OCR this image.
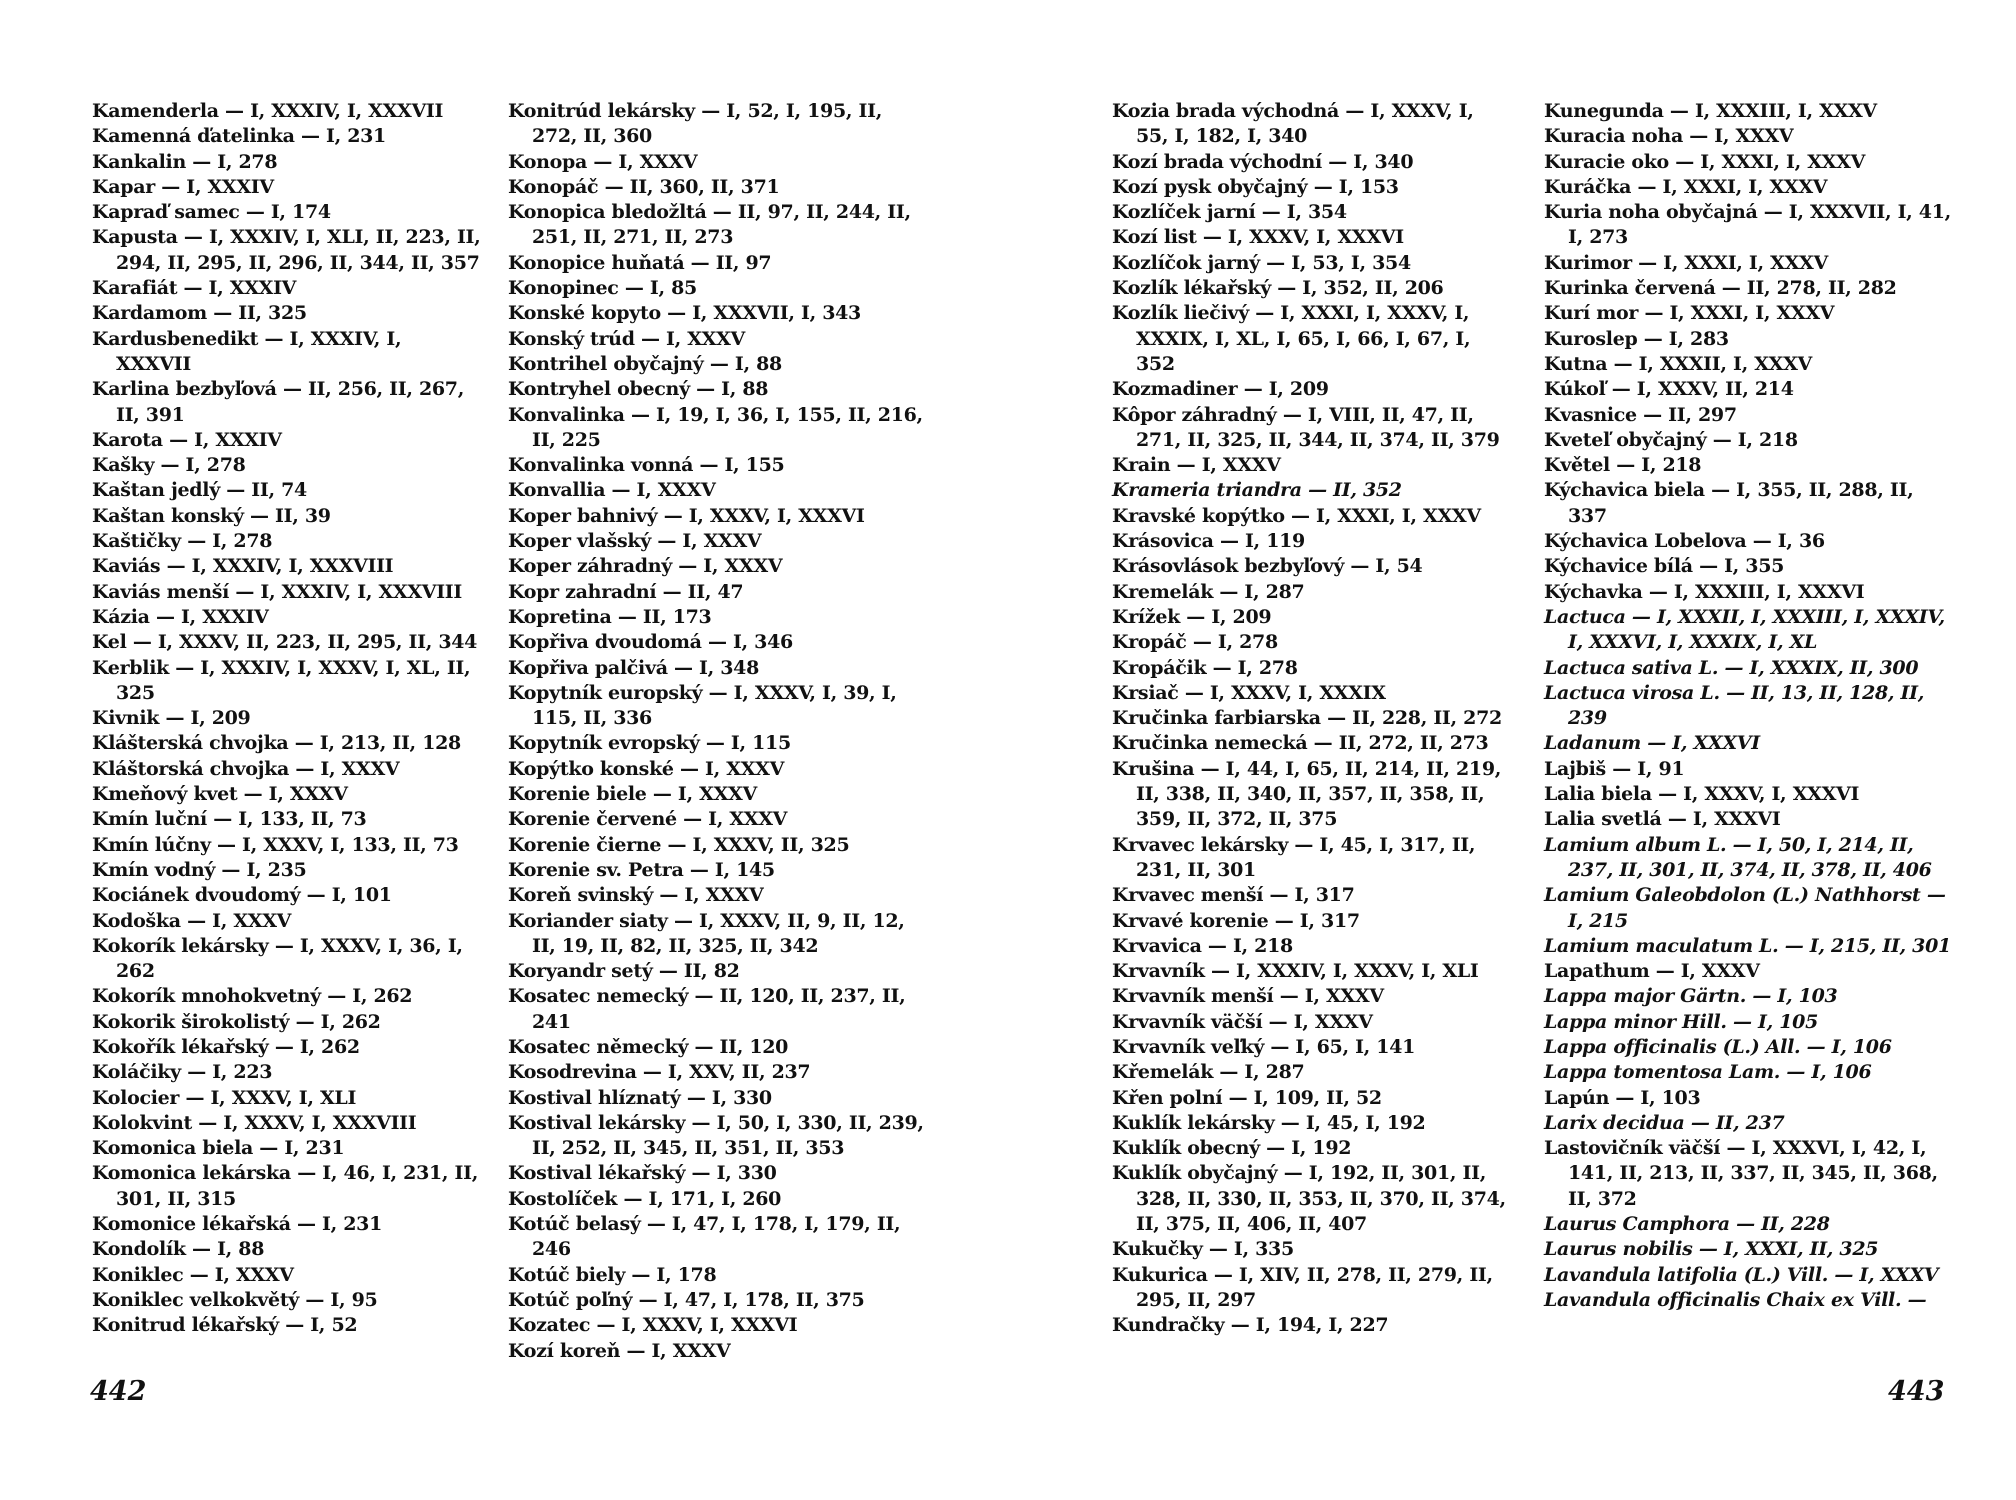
Kamenderla — I, XXXIV, I, XXXVII
Kamenná ďatelinka — I, 231
Kankalin — I, 278
Kapar — I, XXXIV
Kapraď samec — I, 174
Kapusta — I, XXXIV, I, XLI, II, 223, II, 294, II, 295, II, 296, II, 344, II, 357
Karafiát — I, XXXIV
Kardamom — II, 325
Kardusbenedikt — I, XXXIV, I, XXXVII
Karlina bezbyľová — II, 256, II, 267, II, 391
Karota — I, XXXIV
Kašky — I, 278
Kaštan jedlý — II, 74
Kaštan konský — II, 39
Kaštičky — I, 278
Kaviás — I, XXXIV, I, XXXVIII
Kaviás menší — I, XXXIV, I, XXXVIII
Kázia — I, XXXIV
Kel — I, XXXV, II, 223, II, 295, II, 344
Kerblik — I, XXXIV, I, XXXV, I, XL, II, 325
Kivnik — I, 209
Klášterská chvojka — I, 213, II, 128
Kláštorská chvojka — I, XXXV
Kmeňový kvet — I, XXXV
Kmín luční — I, 133, II, 73
Kmín lúčny — I, XXXV, I, 133, II, 73
Kmín vodný — I, 235
Kociánek dvoudomý — I, 101
Kodoška — I, XXXV
Kokorík lekársky — I, XXXV, I, 36, I, 262
Kokorík mnohokvetný — I, 262
Kokorik širokolistý — I, 262
Kokořík lékařský — I, 262
Koláčiky — I, 223
Kolocier — I, XXXV, I, XLI
Kolokvint — I, XXXV, I, XXXVIII
Komonica biela — I, 231
Komonica lekárska — I, 46, I, 231, II, 301, II, 315
Komonice lékařská — I, 231
Kondolík — I, 88
Koniklec — I, XXXV
Koniklec velkokvětý — I, 95
Konitrud lékařský — I, 52
Konitrúd lekársky — I, 52, I, 195, II, 272, II, 360
Konopa — I, XXXV
Konopáč — II, 360, II, 371
Konopica bledožltá — II, 97, II, 244, II, 251, II, 271, II, 273
Konopice huňatá — II, 97
Konopinec — I, 85
Konské kopyto — I, XXXVII, I, 343
Konský trúd — I, XXXV
Kontrihel obyčajný — I, 88
Kontryhel obecný — I, 88
Konvalinka — I, 19, I, 36, I, 155, II, 216, II, 225
Konvalinka vonná — I, 155
Konvallia — I, XXXV
Koper bahnivý — I, XXXV, I, XXXVI
Koper vlašský — I, XXXV
Koper záhradný — I, XXXV
Kopr zahradní — II, 47
Kopretina — II, 173
Kopřiva dvoudomá — I, 346
Kopřiva palčivá — I, 348
Kopytník europský — I, XXXV, I, 39, I, 115, II, 336
Kopytník evropský — I, 115
Kopýtko konské — I, XXXV
Korenie biele — I, XXXV
Korenie červené — I, XXXV
Korenie čierne — I, XXXV, II, 325
Korenie sv. Petra — I, 145
Koreň svinský — I, XXXV
Koriander siaty — I, XXXV, II, 9, II, 12, II, 19, II, 82, II, 325, II, 342
Koryandr setý — II, 82
Kosatec nemecký — II, 120, II, 237, II, 241
Kosatec německý — II, 120
Kosodrevina — I, XXV, II, 237
Kostival hlíznatý — I, 330
Kostival lekársky — I, 50, I, 330, II, 239, II, 252, II, 345, II, 351, II, 353
Kostival lékařský — I, 330
Kostolíček — I, 171, I, 260
Kotúč belasý — I, 47, I, 178, I, 179, II, 246
Kotúč biely — I, 178
Kotúč poľný — I, 47, I, 178, II, 375
Kozatec — I, XXXV, I, XXXVI
Kozí koreň — I, XXXV
442
Kozia brada východná — I, XXXV, I, 55, I, 182, I, 340
Kozí brada východní — I, 340
Kozí pysk obyčajný — I, 153
Kozlíček jarní — I, 354
Kozí list — I, XXXV, I, XXXVI
Kozlíčok jarný — I, 53, I, 354
Kozlík lékařský — I, 352, II, 206
Kozlík liečivý — I, XXXI, I, XXXV, I, XXXIX, I, XL, I, 65, I, 66, I, 67, I, 352
Kozmadiner — I, 209
Kôpor záhradný — I, VIII, II, 47, II, 271, II, 325, II, 344, II, 374, II, 379
Krain — I, XXXV
Krameria triandra — II, 352
Kravské kopýtko — I, XXXI, I, XXXV
Krásovica — I, 119
Krásovlások bezbyľový — I, 54
Kremelák — I, 287
Krížek — I, 209
Kropáč — I, 278
Kropáčik — I, 278
Krsiač — I, XXXV, I, XXXIX
Kručinka farbiarska — II, 228, II, 272
Kručinka nemecká — II, 272, II, 273
Krušina — I, 44, I, 65, II, 214, II, 219, II, 338, II, 340, II, 357, II, 358, II, 359, II, 372, II, 375
Krvavec lekársky — I, 45, I, 317, II, 231, II, 301
Krvavec menší — I, 317
Krvavé korenie — I, 317
Krvavica — I, 218
Krvavník — I, XXXIV, I, XXXV, I, XLI
Krvavník menší — I, XXXV
Krvavník väčší — I, XXXV
Krvavník veľký — I, 65, I, 141
Křemelák — I, 287
Křen polní — I, 109, II, 52
Kuklík lekársky — I, 45, I, 192
Kuklík obecný — I, 192
Kuklík obyčajný — I, 192, II, 301, II, 328, II, 330, II, 353, II, 370, II, 374, II, 375, II, 406, II, 407
Kukučky — I, 335
Kukurica — I, XIV, II, 278, II, 279, II, 295, II, 297
Kundračky — I, 194, I, 227
Kunegunda — I, XXXIII, I, XXXV
Kuracia noha — I, XXXV
Kuracie oko — I, XXXI, I, XXXV
Kuráčka — I, XXXI, I, XXXV
Kuria noha obyčajná — I, XXXVII, I, 41, I, 273
Kurimor — I, XXXI, I, XXXV
Kurinka červená — II, 278, II, 282
Kurí mor — I, XXXI, I, XXXV
Kuroslep — I, 283
Kutna — I, XXXII, I, XXXV
Kúkoľ — I, XXXV, II, 214
Kvasnice — II, 297
Kveteľ obyčajný — I, 218
Květel — I, 218
Kýchavica biela — I, 355, II, 288, II, 337
Kýchavica Lobelova — I, 36
Kýchavice bílá — I, 355
Kýchavka — I, XXXIII, I, XXXVI
Lactuca — I, XXXII, I, XXXIII, I, XXXIV, I, XXXVI, I, XXXIX, I, XL
Lactuca sativa L. — I, XXXIX, II, 300
Lactuca virosa L. — II, 13, II, 128, II, 239
Ladanum — I, XXXVI
Lajbiš — I, 91
Lalia biela — I, XXXV, I, XXXVI
Lalia svetlá — I, XXXVI
Lamium album L. — I, 50, I, 214, II, 237, II, 301, II, 374, II, 378, II, 406
Lamium Galeobdolon (L.) Nathhorst — I, 215
Lamium maculatum L. — I, 215, II, 301
Lapathum — I, XXXV
Lappa major Gärtn. — I, 103
Lappa minor Hill. — I, 105
Lappa officinalis (L.) All. — I, 106
Lappa tomentosa Lam. — I, 106
Lapún — I, 103
Larix decidua — II, 237
Lastovičník väčší — I, XXXVI, I, 42, I, 141, II, 213, II, 337, II, 345, II, 368, II, 372
Laurus Camphora — II, 228
Laurus nobilis — I, XXXI, II, 325
Lavandula latifolia (L.) Vill. — I, XXXV
Lavandula officinalis Chaix ex Vill. —
443
